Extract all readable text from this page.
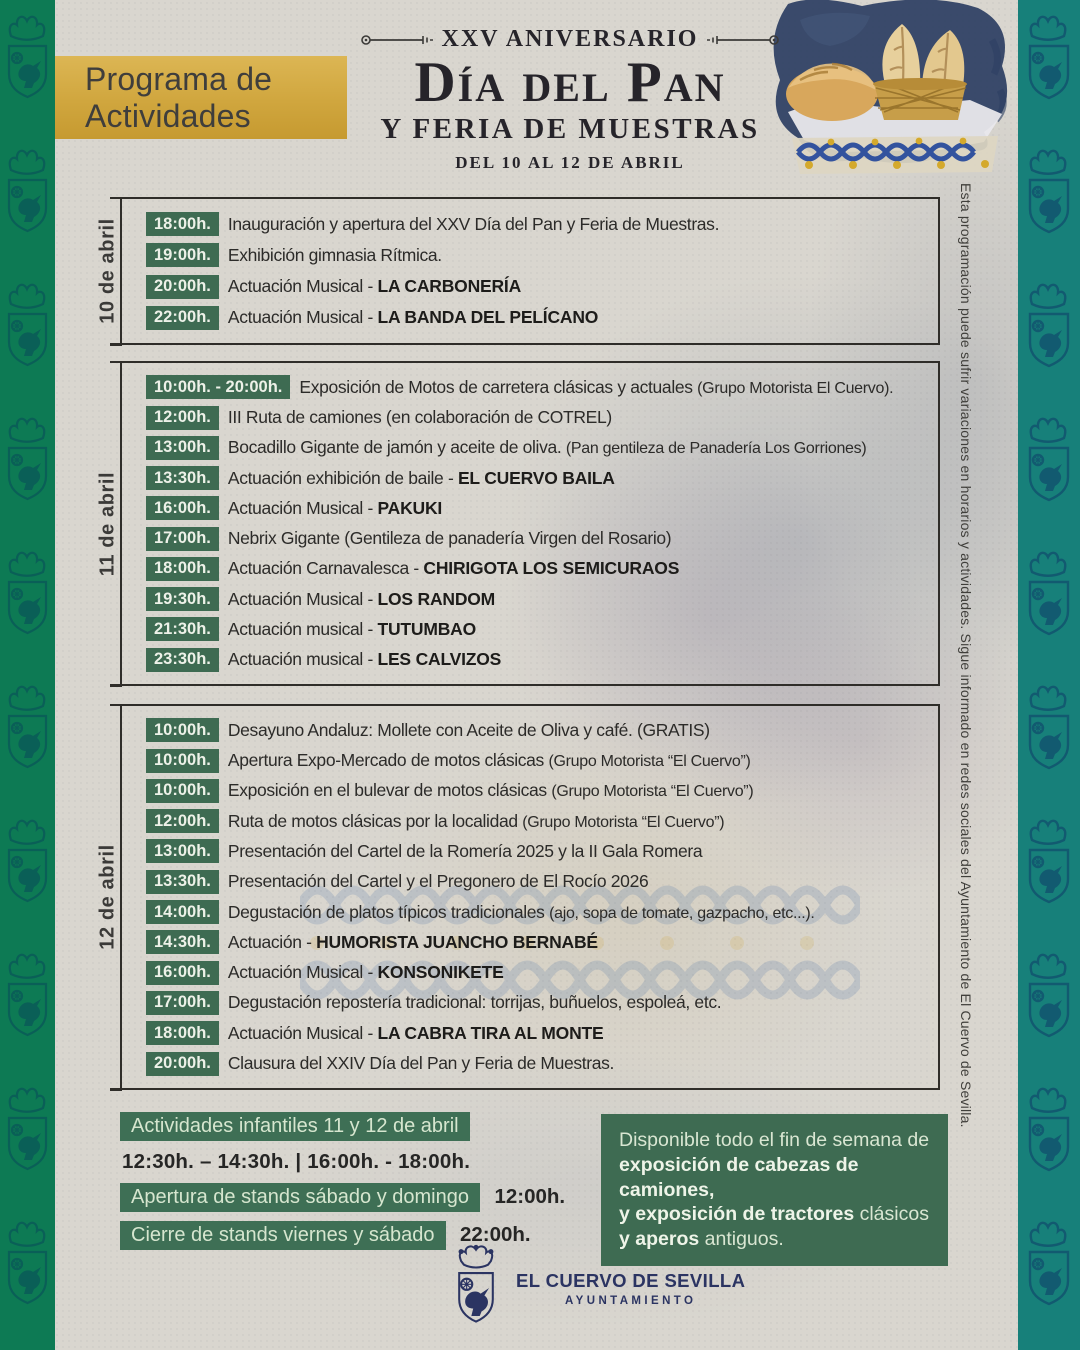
Programa de
Actividades
XXV ANIVERSARIO
Día del Pan
Y FERIA DE MUESTRAS
DEL 10 AL 12 DE ABRIL
10 de abril	18:00h. Inauguración y apertura del XXV Día del Pan y Feria de Muestras.
19:00h. Exhibición gimnasia Rítmica.
20:00h. Actuación Musical - LA CARBONERÍA
22:00h. Actuación Musical - LA BANDA DEL PELÍCANO
11 de abril
10:00h. - 20:00h. Exposición de Motos de carretera clásicas y actuales (Grupo Motorista El Cuervo).
12:00h. III Ruta de camiones (en colaboración de COTREL)
13:00h. Bocadillo Gigante de jamón y aceite de oliva. (Pan gentileza de Panadería Los Gorriones)
13:30h. Actuación exhibición de baile - EL CUERVO BAILA
16:00h. Actuación Musical - PAKUKI
17:00h. Nebrix Gigante (Gentileza de panadería Virgen del Rosario)
18:00h. Actuación Carnavalesca - CHIRIGOTA LOS SEMICURAOS
19:30h. Actuación Musical - LOS RANDOM
21:30h. Actuación musical - TUTUMBAO
23:30h. Actuación musical - LES CALVIZOS
12 de abril
10:00h. Desayuno Andaluz: Mollete con Aceite de Oliva y café. (GRATIS)
10:00h. Apertura Expo-Mercado de motos clásicas (Grupo Motorista “El Cuervo”)
10:00h. Exposición en el bulevar de motos clásicas (Grupo Motorista “El Cuervo”)
12:00h. Ruta de motos clásicas por la localidad (Grupo Motorista “El Cuervo”)
13:00h. Presentación del Cartel de la Romería 2025 y la II Gala Romera
13:30h. Presentación del Cartel y el Pregonero de El Rocío 2026
14:00h. Degustación de platos típicos tradicionales (ajo, sopa de tomate, gazpacho, etc...).
14:30h. Actuación - HUMORISTA JUANCHO BERNABÉ
16:00h. Actuación Musical - KONSONIKETE
17:00h. Degustación repostería tradicional: torrijas, buñuelos, espoleá, etc.
18:00h. Actuación Musical - LA CABRA TIRA AL MONTE
20:00h. Clausura del XXIV Día del Pan y Feria de Muestras.	Esta programación puede sufrir variaciones en horarios y actividades. Sigue informado en redes sociales del Ayuntamiento de El Cuervo de Sevilla.
Actividades infantiles 11 y 12 de abril
12:30h. – 14:30h. | 16:00h. - 18:00h.
Apertura de stands sábado y domingo 12:00h.
Cierre de stands viernes y sábado 22:00h.
Disponible todo el fin de semana de
exposición de cabezas de camiones,
y exposición de tractores clásicos
y aperos antiguos.
EL CUERVO DE SEVILLA
AYUNTAMIENTO
